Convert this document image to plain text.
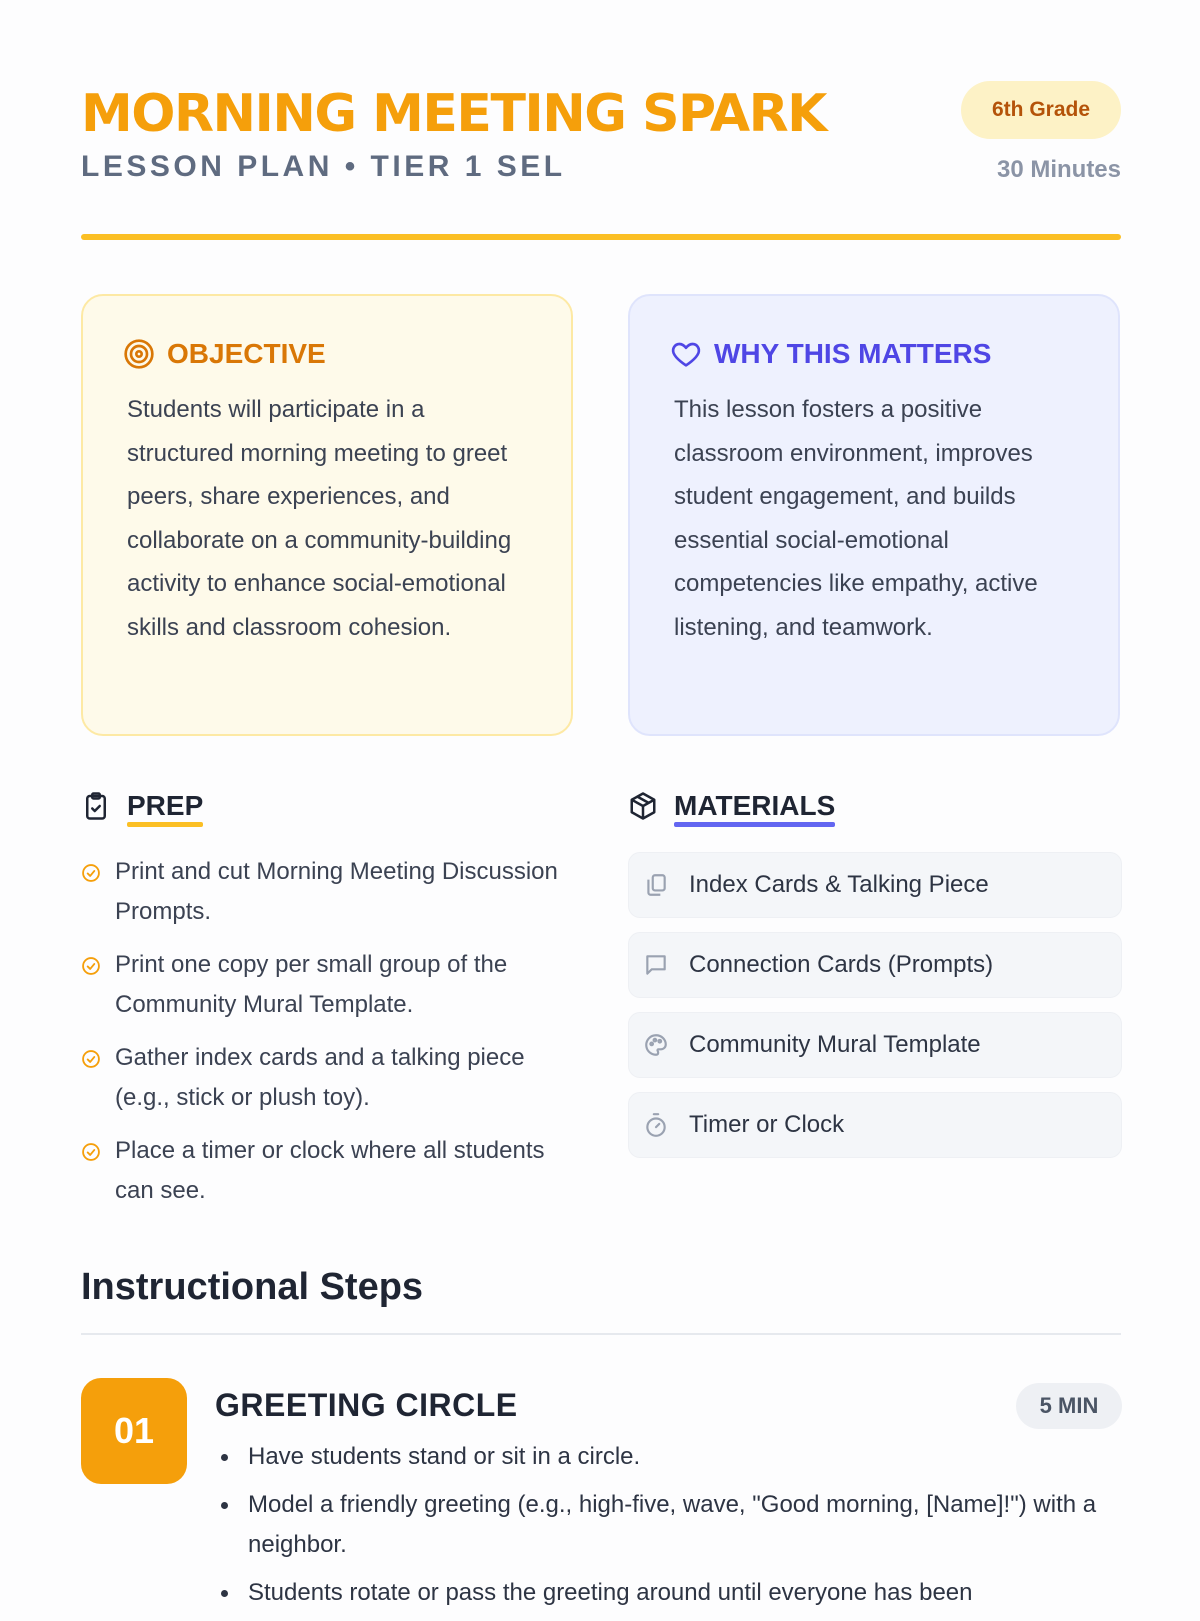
MORNING MEETING SPARK
LESSON PLAN • TIER 1 SEL
6th Grade
30 Minutes
OBJECTIVE
Students will participate in a structured morning meeting to greet peers, share experiences, and collaborate on a community-building activity to enhance social-emotional skills and classroom cohesion.
WHY THIS MATTERS
This lesson fosters a positive classroom environment, improves student engagement, and builds essential social-emotional competencies like empathy, active listening, and teamwork.
PREP	MATERIALS
Print and cut Morning Meeting Discussion Prompts.
Print one copy per small group of the Community Mural Template.
Gather index cards and a talking piece (e.g., stick or plush toy).
Place a timer or clock where all students can see.
Index Cards & Talking Piece
Connection Cards (Prompts)
Community Mural Template
Timer or Clock
Instructional Steps
01
GREETING CIRCLE	5 MIN
Have students stand or sit in a circle.
Model a friendly greeting (e.g., high-five, wave, "Good morning, [Name]!") with a neighbor.
Students rotate or pass the greeting around until everyone has been
